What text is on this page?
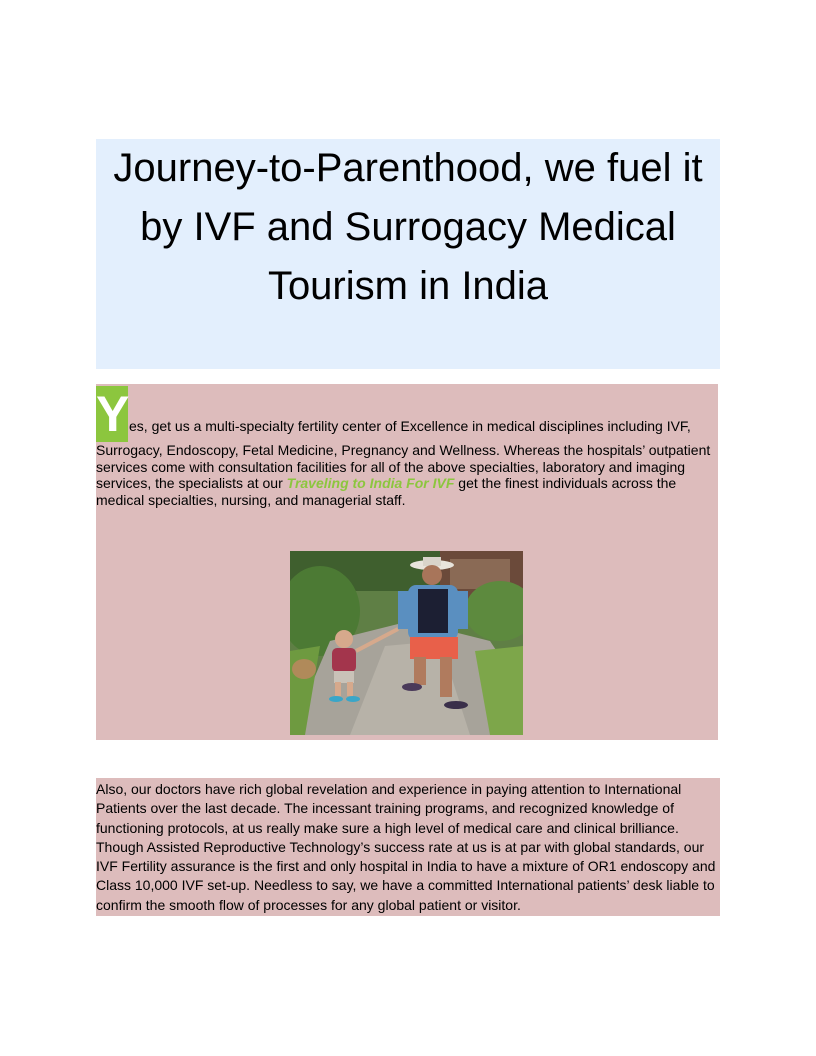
Journey-to-Parenthood, we fuel it
by IVF and Surrogacy Medical
Tourism in India
Y es, get us a multi-specialty fertility center of Excellence in medical disciplines including IVF,
Surrogacy, Endoscopy, Fetal Medicine, Pregnancy and Wellness. Whereas the hospitals’ outpatient services come with consultation facilities for all of the above specialties, laboratory and imaging services, the specialists at our Traveling to India For IVF get the finest individuals across the medical specialties, nursing, and managerial staff.

Also, our doctors have rich global revelation and experience in paying attention to International Patients over the last decade. The incessant training programs, and recognized knowledge of functioning protocols, at us really make sure a high level of medical care and clinical brilliance. Though Assisted Reproductive Technology’s success rate at us is at par with global standards, our IVF Fertility assurance is the first and only hospital in India to have a mixture of OR1 endoscopy and Class 10,000 IVF set-up. Needless to say, we have a committed International patients’ desk liable to confirm the smooth flow of processes for any global patient or visitor.
